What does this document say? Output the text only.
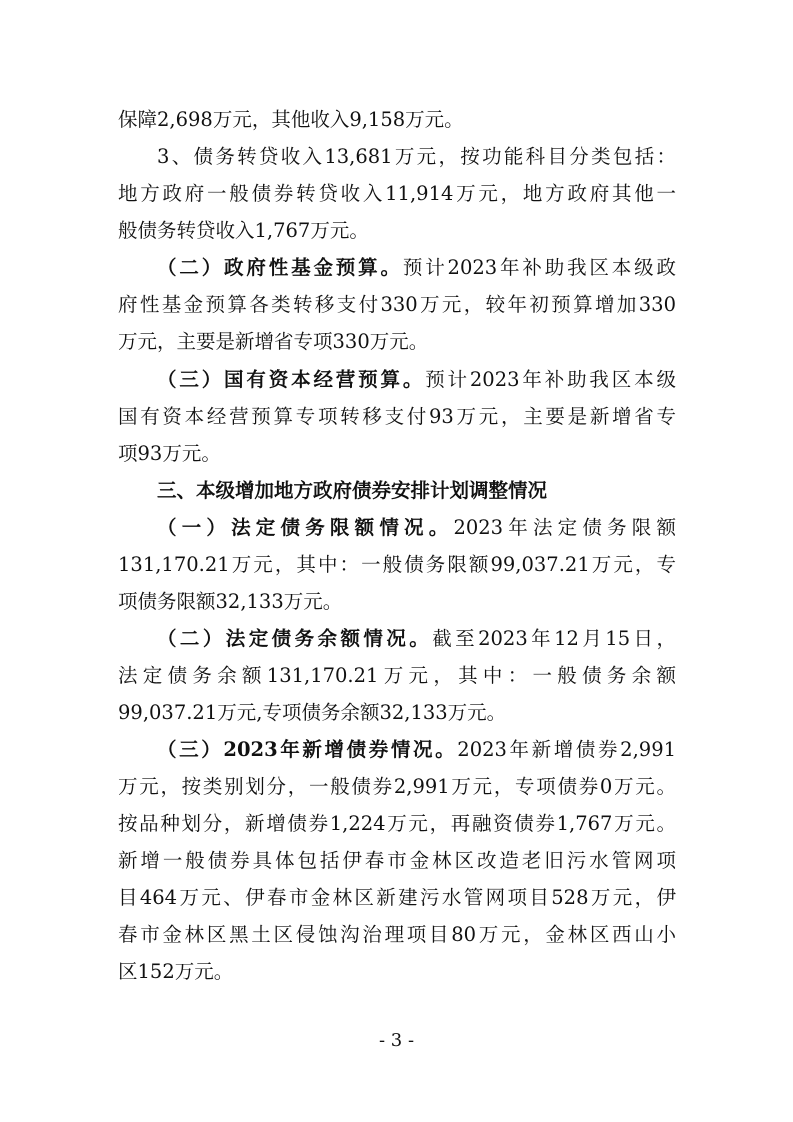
保障2,698万元，其他收入9,158万元。
3、债务转贷收入13,681万元，按功能科目分类包括：
地方政府一般债券转贷收入11,914万元，地方政府其他一
般债务转贷收入1,767万元。
（二）政府性基金预算。预计2023年补助我区本级政
府性基金预算各类转移支付330万元，较年初预算增加330
万元，主要是新增省专项330万元。
（三）国有资本经营预算。预计2023年补助我区本级
国有资本经营预算专项转移支付93万元，主要是新增省专
项93万元。
三、本级增加地方政府债券安排计划调整情况
（一）法定债务限额情况。2023年法定债务限额
131,170.21万元，其中：一般债务限额99,037.21万元，专
项债务限额32,133万元。
（二）法定债务余额情况。截至2023年12月15日，
法定债务余额131,170.21万元，其中：一般债务余额
99,037.21万元,专项债务余额32,133万元。
（三）2023年新增债券情况。2023年新增债券2,991
万元，按类别划分，一般债券2,991万元，专项债券0万元。
按品种划分，新增债券1,224万元，再融资债券1,767万元。
新增一般债券具体包括伊春市金林区改造老旧污水管网项
目464万元、伊春市金林区新建污水管网项目528万元，伊
春市金林区黑土区侵蚀沟治理项目80万元，金林区西山小
区152万元。
- 3 -
